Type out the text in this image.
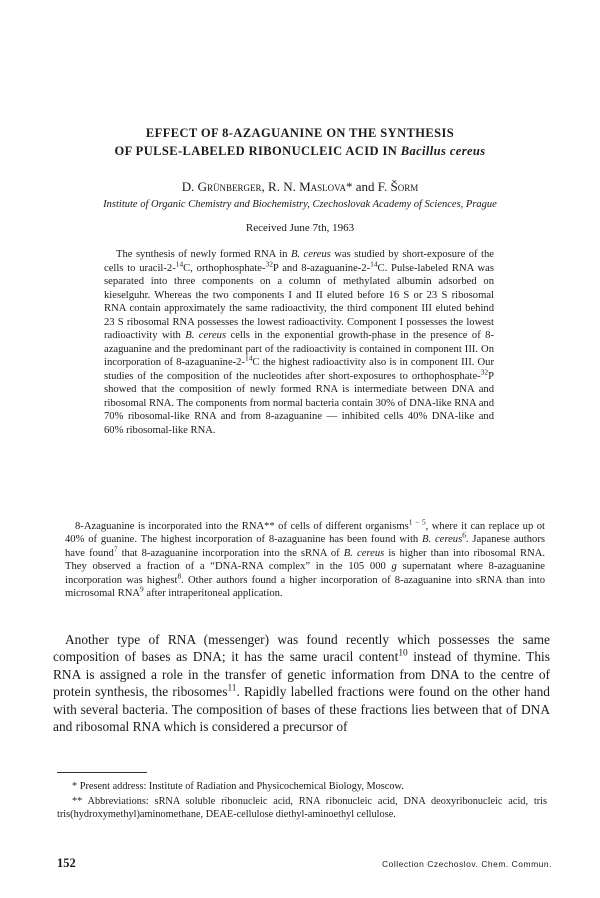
EFFECT OF 8-AZAGUANINE ON THE SYNTHESIS
OF PULSE-LABELED RIBONUCLEIC ACID IN Bacillus cereus
D. Grünberger, R. N. Maslova* and F. Šorm
Institute of Organic Chemistry and Biochemistry, Czechoslovak Academy of Sciences, Prague
Received June 7th, 1963

The synthesis of newly formed RNA in B. cereus was studied by short-exposure of the cells to uracil-2-$^{14}$C, orthophosphate-$^{32}$P and 8-azaguanine-2-$^{14}$C. Pulse-labeled RNA was separated into three components on a column of methylated albumin adsorbed on kieselguhr. Whereas the two components I and II eluted before 16 S or 23 S ribosomal RNA contain approximately the same radioactivity, the third component III eluted behind 23 S ribosomal RNA possesses the lowest radioactivity. Component I possesses the lowest radioactivity with B. cereus cells in the exponential growth-phase in the presence of 8-azaguanine and the predominant part of the radioactivity is contained in component III. On incorporation of 8-azaguanine-2-$^{14}$C the highest radioactivity also is in component III. Our studies of the composition of the nucleotides after short-exposures to orthophosphate-$^{32}$P showed that the composition of newly formed RNA is intermediate between DNA and ribosomal RNA. The components from normal bacteria contain 30% of DNA-like RNA and 70% ribosomal-like RNA and from 8-azaguanine — inhibited cells 40% DNA-like and 60% ribosomal-like RNA.

8-Azaguanine is incorporated into the RNA** of cells of different organisms$^{1 - 5}$, where it can replace up ot 40% of guanine. The highest incorporation of 8-azaguanine has been found with B. cereus$^6$. Japanese authors have found$^7$ that 8-azaguanine incorporation into the sRNA of B. cereus is higher than into ribosomal RNA. They observed a fraction of a “DNA-RNA complex” in the 105 000 g supernatant where 8-azaguanine incorporation was highest$^8$. Other authors found a higher incorporation of 8-azaguanine into sRNA than into microsomal RNA$^9$ after intraperitoneal application.

Another type of RNA (messenger) was found recently which possesses the same composition of bases as DNA; it has the same uracil content$^{10}$ instead of thymine. This RNA is assigned a role in the transfer of genetic information from DNA to the centre of protein synthesis, the ribosomes$^{11}$. Rapidly labelled fractions were found on the other hand with several bacteria. The composition of bases of these fractions lies between that of DNA and ribosomal RNA which is considered a precursor of

* Present address: Institute of Radiation and Physicochemical Biology, Moscow.

** Abbreviations: sRNA soluble ribonucleic acid, RNA ribonucleic acid, DNA deoxyribonucleic acid, tris tris(hydroxymethyl)aminomethane, DEAE-cellulose diethyl-aminoethyl cellulose.

152	Collection Czechoslov. Chem. Commun.
